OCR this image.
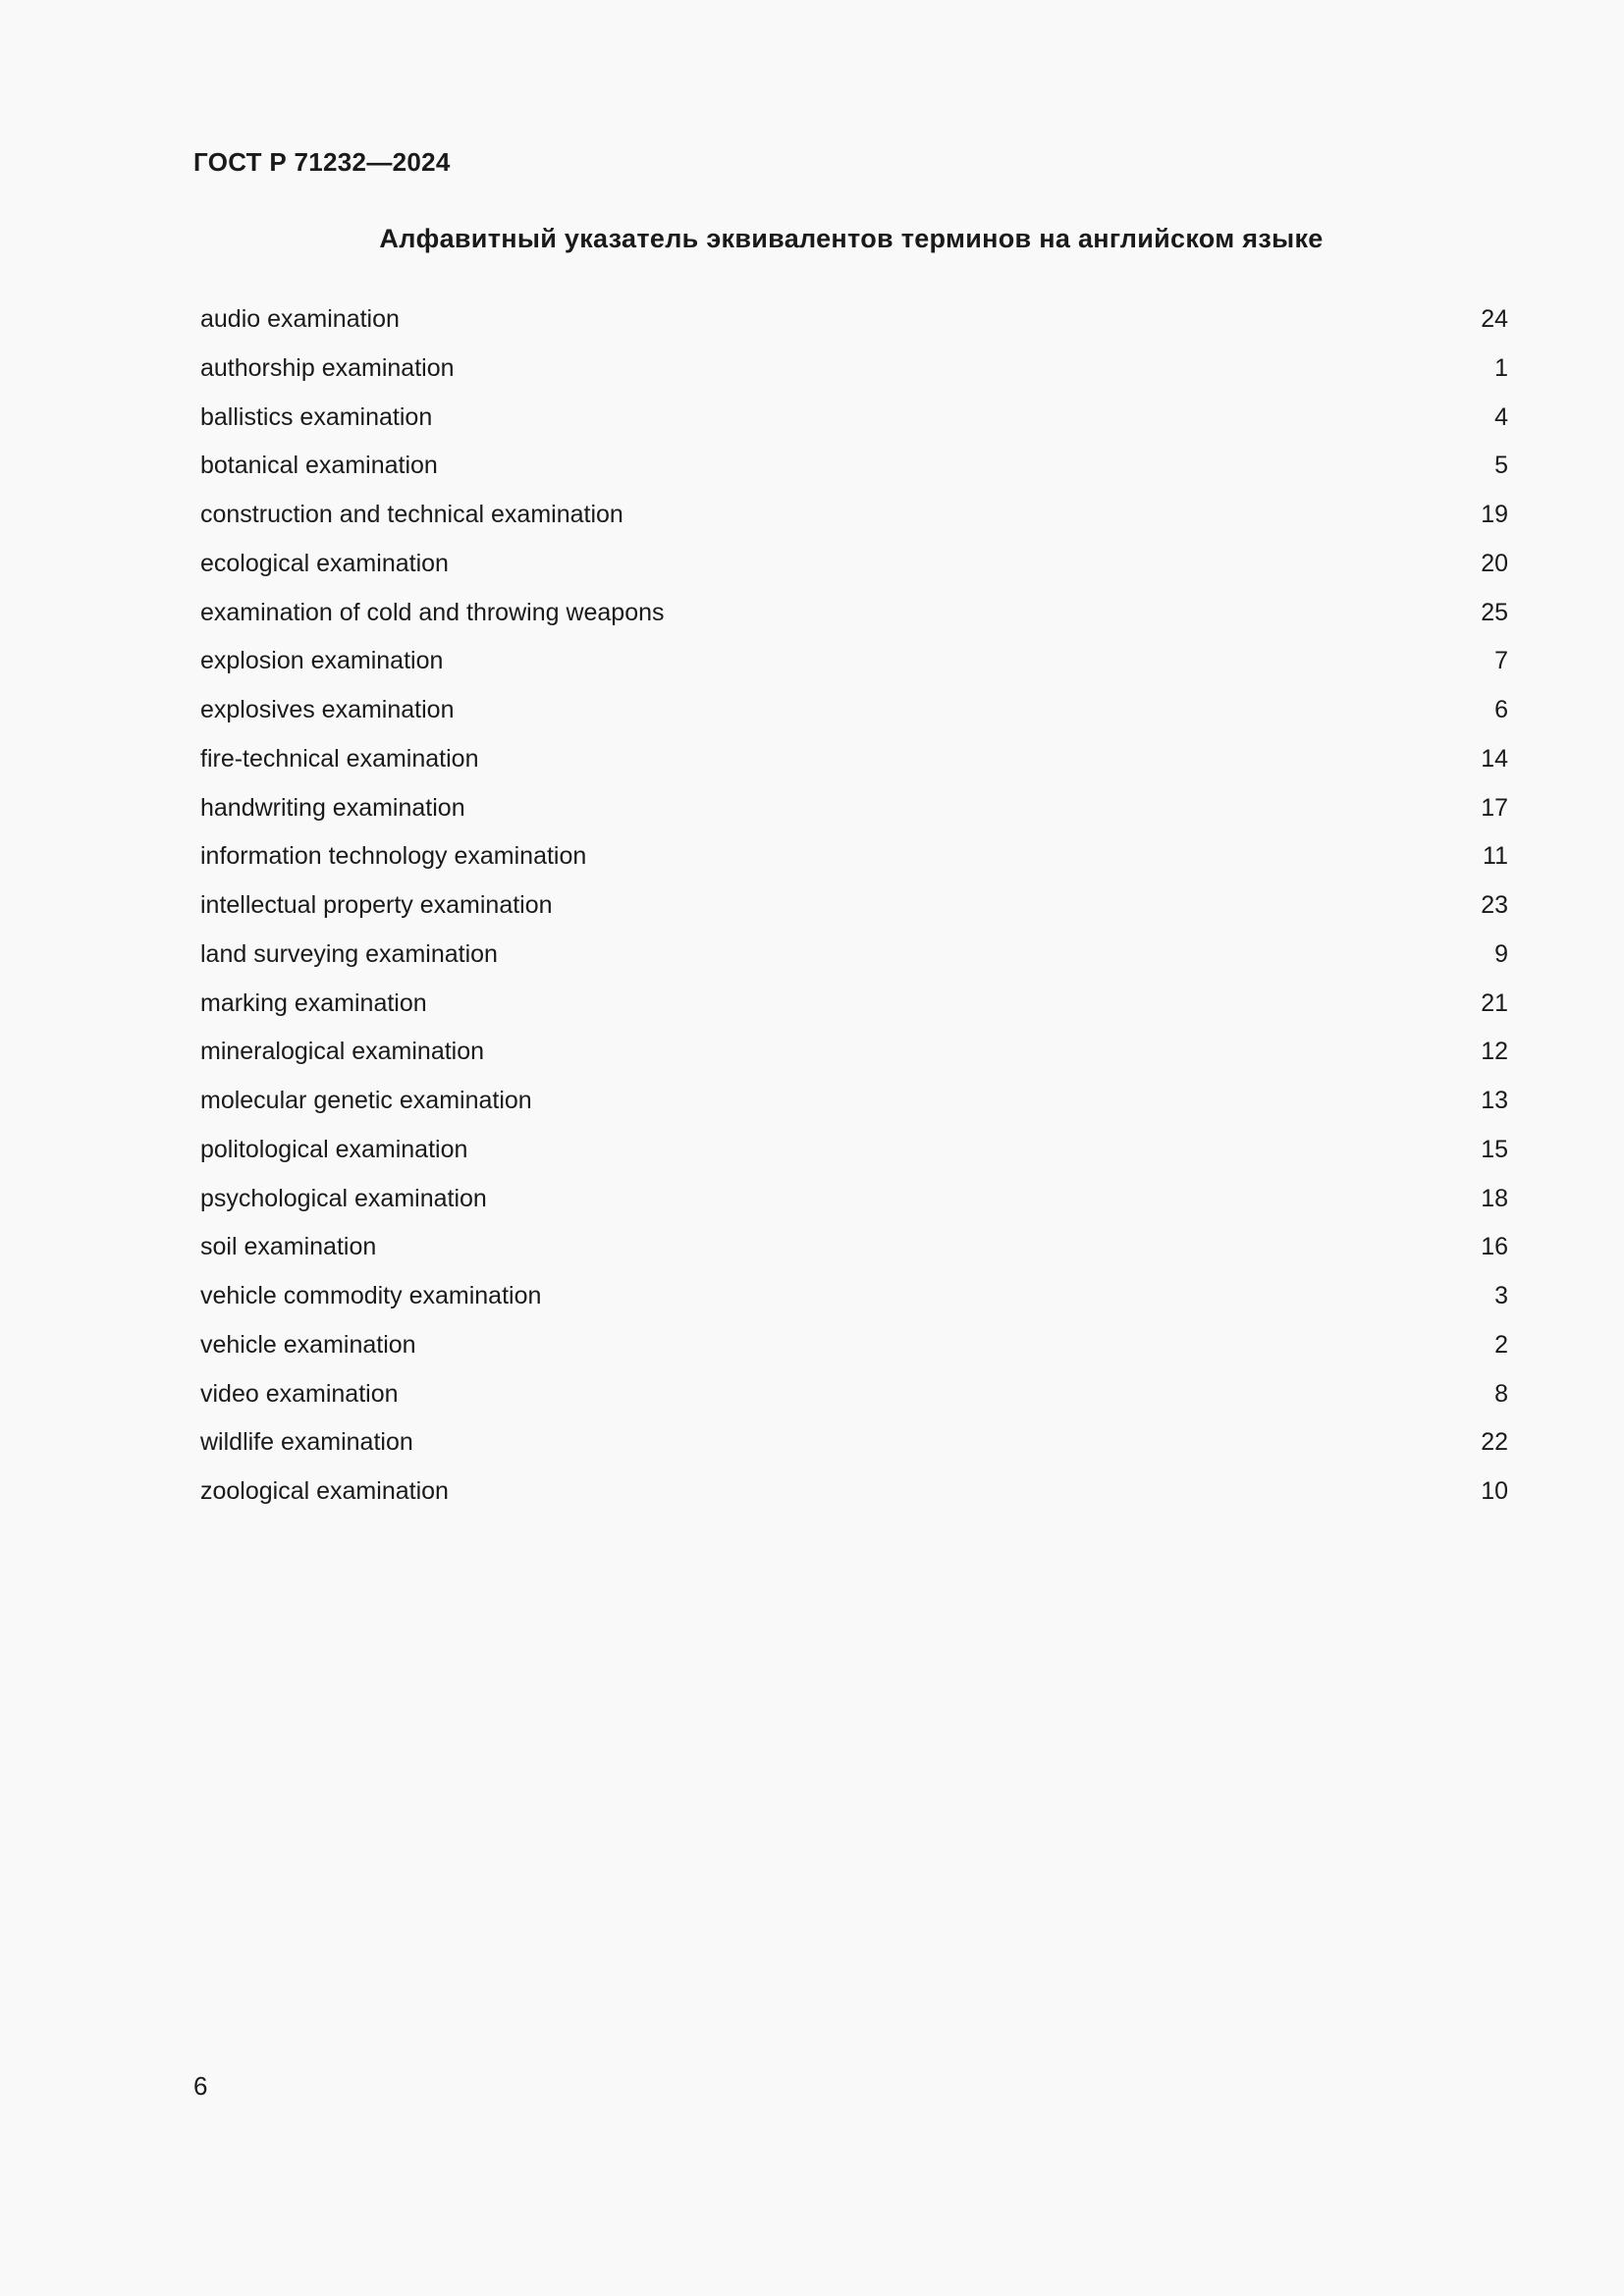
ГОСТ Р 71232—2024
Алфавитный указатель эквивалентов терминов на английском языке
audio examination	24
authorship examination	1
ballistics examination	4
botanical examination	5
construction and technical examination	19
ecological examination	20
examination of cold and throwing weapons	25
explosion examination	7
explosives examination	6
fire-technical examination	14
handwriting examination	17
information technology examination	11
intellectual property examination	23
land surveying examination	9
marking examination	21
mineralogical examination	12
molecular genetic examination	13
politological examination	15
psychological examination	18
soil examination	16
vehicle commodity examination	3
vehicle examination	2
video examination	8
wildlife examination	22
zoological examination	10

6
